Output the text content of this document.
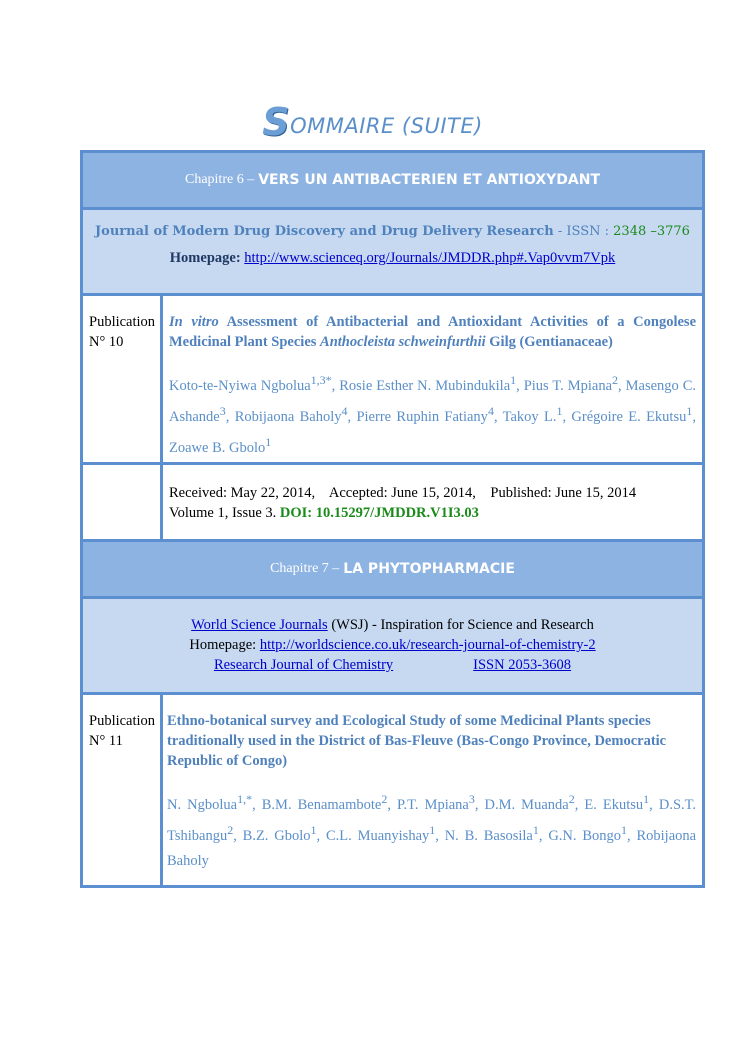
SOMMAIRE (SUITE)
Chapitre 6 – VERS UN ANTIBACTERIEN ET ANTIOXYDANT
Journal of Modern Drug Discovery and Drug Delivery Research - ISSN : 2348 –3776
Homepage: http://www.scienceq.org/Journals/JMDDR.php#.Vap0vvm7Vpk
Publication
N° 10
In vitro Assessment of Antibacterial and Antioxidant Activities of a Congolese Medicinal Plant Species Anthocleista schweinfurthii Gilg (Gentianaceae)
Koto-te-Nyiwa Ngbolua$^{1,3*}$, Rosie Esther N. Mubindukila$^1$, Pius T. Mpiana$^2$, Masengo C. Ashande$^3$, Robijaona Baholy$^4$, Pierre Ruphin Fatiany$^4$, Takoy L.$^1$, Grégoire E. Ekutsu$^1$, Zoawe B. Gbolo$^1$
Received: May 22, 2014, Accepted: June 15, 2014, Published: June 15, 2014
Volume 1, Issue 3. DOI: 10.15297/JMDDR.V1I3.03
Chapitre 7 – LA PHYTOPHARMACIE
World Science Journals (WSJ) - Inspiration for Science and Research
Homepage: http://worldscience.co.uk/research-journal-of-chemistry-2
Research Journal of Chemistry	ISSN 2053-3608
Publication
N° 11
Ethno-botanical survey and Ecological Study of some Medicinal Plants species traditionally used in the District of Bas-Fleuve (Bas-Congo Province, Democratic Republic of Congo)
N. Ngbolua$^{1,*}$, B.M. Benamambote$^2$, P.T. Mpiana$^3$, D.M. Muanda$^2$, E. Ekutsu$^1$, D.S.T. Tshibangu$^2$, B.Z. Gbolo$^1$, C.L. Muanyishay$^1$, N. B. Basosila$^1$, G.N. Bongo$^1$, Robijaona Baholy
